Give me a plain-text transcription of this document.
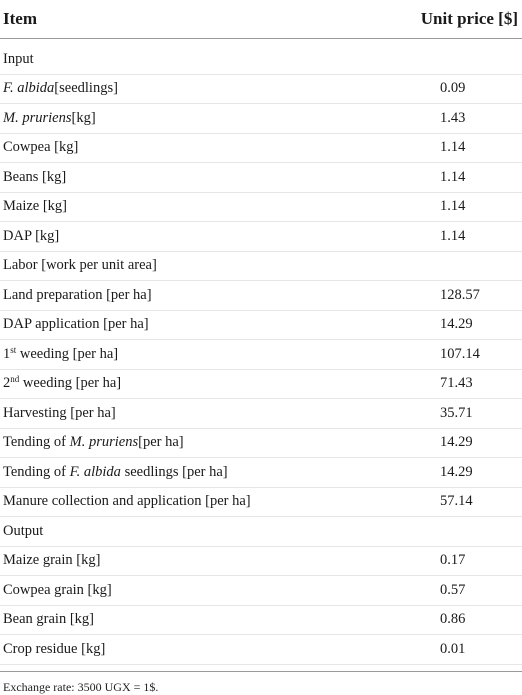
Item	Unit price [$]
Input
F. albida[seedlings]	0.09
M. pruriens[kg]	1.43
Cowpea [kg]	1.14
Beans [kg]	1.14
Maize [kg]	1.14
DAP [kg]	1.14
Labor [work per unit area]
Land preparation [per ha]	128.57
DAP application [per ha]	14.29
1st weeding [per ha]	107.14
2nd weeding [per ha]	71.43
Harvesting [per ha]	35.71
Tending of M. pruriens[per ha]	14.29
Tending of F. albida seedlings [per ha]	14.29
Manure collection and application [per ha]	57.14
Output
Maize grain [kg]	0.17
Cowpea grain [kg]	0.57
Bean grain [kg]	0.86
Crop residue [kg]	0.01
Exchange rate: 3500 UGX = 1$.
